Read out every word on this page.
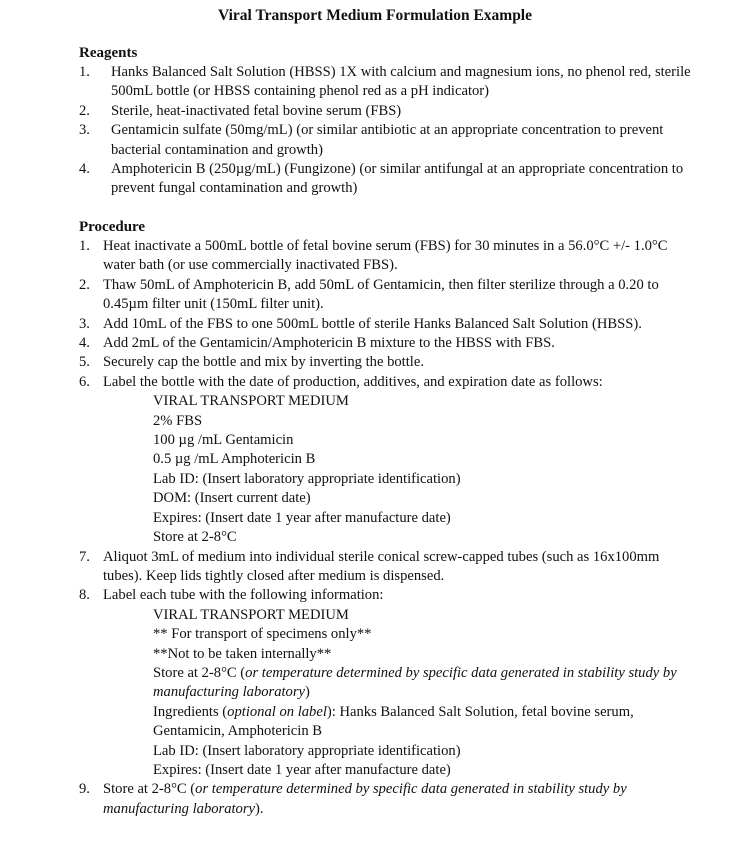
Viral Transport Medium Formulation Example
Reagents
1.	Hanks Balanced Salt Solution (HBSS) 1X with calcium and magnesium ions, no phenol red, sterile 500mL bottle (or HBSS containing phenol red as a pH indicator)
2.	Sterile, heat-inactivated fetal bovine serum (FBS)
3.	Gentamicin sulfate (50mg/mL) (or similar antibiotic at an appropriate concentration to prevent bacterial contamination and growth)
4.	Amphotericin B (250µg/mL) (Fungizone) (or similar antifungal at an appropriate concentration to prevent fungal contamination and growth)
Procedure
1. Heat inactivate a 500mL bottle of fetal bovine serum (FBS) for 30 minutes in a 56.0°C +/- 1.0°C water bath (or use commercially inactivated FBS).
2. Thaw 50mL of Amphotericin B, add 50mL of Gentamicin, then filter sterilize through a 0.20 to 0.45µm filter unit (150mL filter unit).
3. Add 10mL of the FBS to one 500mL bottle of sterile Hanks Balanced Salt Solution (HBSS).
4. Add 2mL of the Gentamicin/Amphotericin B mixture to the HBSS with FBS.
5. Securely cap the bottle and mix by inverting the bottle.
6. Label the bottle with the date of production, additives, and expiration date as follows:
VIRAL TRANSPORT MEDIUM
2% FBS
100 µg /mL Gentamicin
0.5 µg /mL Amphotericin B
Lab ID: (Insert laboratory appropriate identification)
DOM: (Insert current date)
Expires: (Insert date 1 year after manufacture date)
Store at 2-8°C
7. Aliquot 3mL of medium into individual sterile conical screw-capped tubes (such as 16x100mm tubes). Keep lids tightly closed after medium is dispensed.
8. Label each tube with the following information:
VIRAL TRANSPORT MEDIUM
** For transport of specimens only**
**Not to be taken internally**
Store at 2-8°C (or temperature determined by specific data generated in stability study by manufacturing laboratory)
Ingredients (optional on label): Hanks Balanced Salt Solution, fetal bovine serum, Gentamicin, Amphotericin B
Lab ID: (Insert laboratory appropriate identification)
Expires: (Insert date 1 year after manufacture date)
9. Store at 2-8°C (or temperature determined by specific data generated in stability study by manufacturing laboratory).
